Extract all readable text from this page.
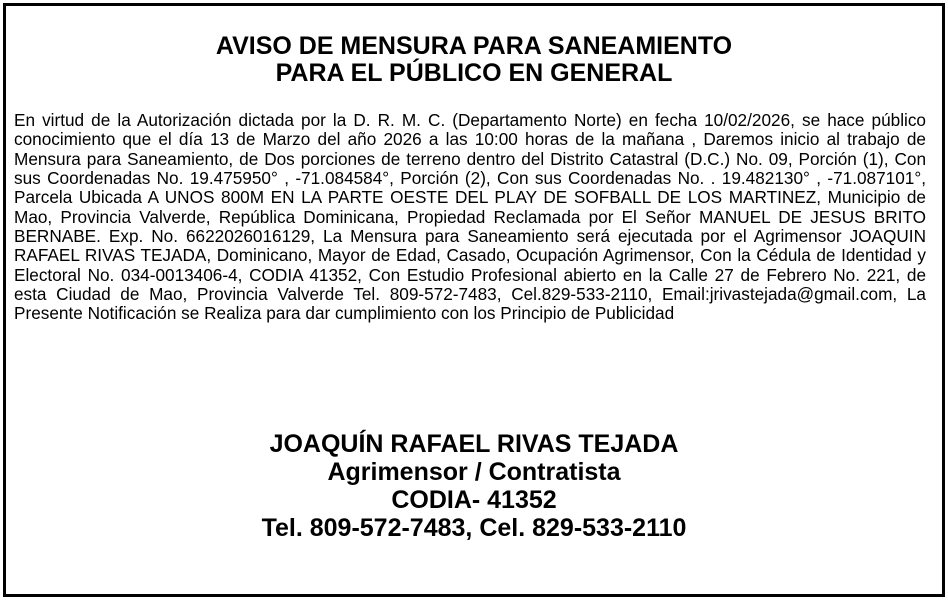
AVISO DE MENSURA PARA SANEAMIENTO
PARA EL PÚBLICO EN GENERAL

En virtud de la Autorización dictada por la D. R. M. C. (Departamento Norte) en fecha 10/02/2026, se hace público conocimiento que el día 13 de Marzo del año 2026 a las 10:00 horas de la mañana , Daremos inicio al trabajo de Mensura para Saneamiento, de Dos porciones de terreno dentro del Distrito Catastral (D.C.) No. 09, Porción (1), Con sus Coordenadas No. 19.475950° , -71.084584°, Porción (2), Con sus Coordenadas No. . 19.482130° , -71.087101°, Parcela Ubicada A UNOS 800M EN LA PARTE OESTE DEL PLAY DE SOFBALL DE LOS MARTINEZ, Municipio de Mao, Provincia Valverde, República Dominicana, Propiedad Reclamada por El Señor MANUEL DE JESUS BRITO BERNABE. Exp. No. 6622026016129, La Mensura para Saneamiento será ejecutada por el Agrimensor JOAQUIN RAFAEL RIVAS TEJADA, Dominicano, Mayor de Edad, Casado, Ocupación Agrimensor, Con la Cédula de Identidad y Electoral No. 034-0013406-4, CODIA 41352, Con Estudio Profesional abierto en la Calle 27 de Febrero No. 221, de esta Ciudad de Mao, Provincia Valverde Tel. 809-572-7483, Cel.829-533-2110, Email:jrivastejada@gmail.com, La Presente Notificación se Realiza para dar cumplimiento con los Principio de Publicidad

JOAQUÍN RAFAEL RIVAS TEJADA

Agrimensor / Contratista

CODIA- 41352

Tel. 809-572-7483, Cel. 829-533-2110
